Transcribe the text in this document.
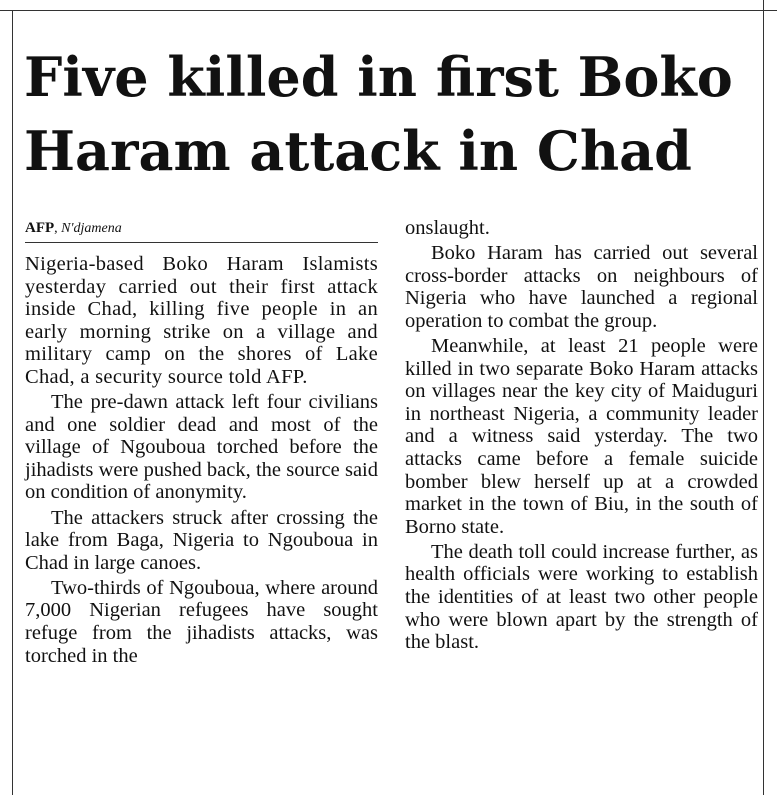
Five killed in first Boko Haram attack in Chad
AFP, N'djamena

Nigeria-based Boko Haram Islamists yesterday carried out their first attack inside Chad, killing five people in an early morning strike on a village and military camp on the shores of Lake Chad, a security source told AFP.

The pre-dawn attack left four civilians and one soldier dead and most of the village of Ngouboua torched before the jihadists were pushed back, the source said on condition of anonymity.

The attackers struck after crossing the lake from Baga, Nigeria to Ngouboua in Chad in large canoes.

Two-thirds of Ngouboua, where around 7,000 Nigerian refugees have sought refuge from the jihadists attacks, was torched in the

onslaught.

Boko Haram has carried out several cross-border attacks on neighbours of Nigeria who have launched a regional operation to combat the group.

Meanwhile, at least 21 people were killed in two separate Boko Haram attacks on villages near the key city of Maiduguri in northeast Nigeria, a community leader and a witness said ysterday. The two attacks came before a female suicide bomber blew herself up at a crowded market in the town of Biu, in the south of Borno state.

The death toll could increase further, as health officials were working to establish the identities of at least two other people who were blown apart by the strength of the blast.
